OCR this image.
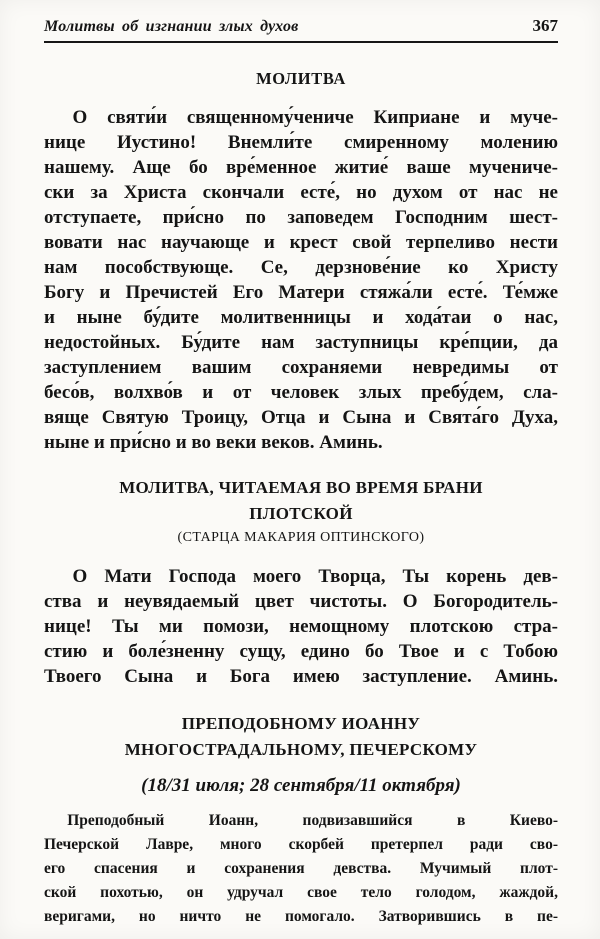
Молитвы об изгнании злых духов	367
МОЛИТВА
О святи́и священному́чениче Киприане и муче-
нице Иустино! Внемли́те смиренному молению
нашему. Аще бо вре́менное житие́ ваше мучениче-
ски за Христа скончали есте́, но духом от нас не
отступаете, при́сно по заповедем Господним шест-
вовати нас научающе и крест свой терпеливо нести
нам пособствующе. Се, дерзнове́ние ко Христу
Богу и Пречистей Его Матери стяжа́ли есте́. Те́мже
и ныне бу́дите молитвенницы и хода́таи о нас,
недостойных. Бу́дите нам заступницы кре́пции, да
заступлением вашим сохраняеми невредимы от
бесо́в, волхво́в и от человек злых пребу́дем, сла-
вяще Святую Троицу, Отца и Сына и Свята́го Духа,
ныне и при́сно и во веки веков. Аминь.
МОЛИТВА, ЧИТАЕМАЯ ВО ВРЕМЯ БРАНИ
ПЛОТСКОЙ
(СТАРЦА МАКАРИЯ ОПТИНСКОГО)
О Мати Господа моего Творца, Ты корень дев-
ства и неувядаемый цвет чистоты. О Богородитель-
нице! Ты ми помози, немощному плотскою стра-
стию и боле́зненну сущу, едино бо Твое и с Тобою
Твоего Сына и Бога имею заступление. Аминь.
ПРЕПОДОБНОМУ ИОАННУ
МНОГОСТРАДАЛЬНОМУ, ПЕЧЕРСКОМУ
(18/31 июля; 28 сентября/11 октября)
Преподобный Иоанн, подвизавшийся в Киево-
Печерской Лавре, много скорбей претерпел ради сво-
его спасения и сохранения девства. Мучимый плот-
ской похотью, он удручал свое тело голодом, жаждой,
веригами, но ничто не помогало. Затворившись в пе-
